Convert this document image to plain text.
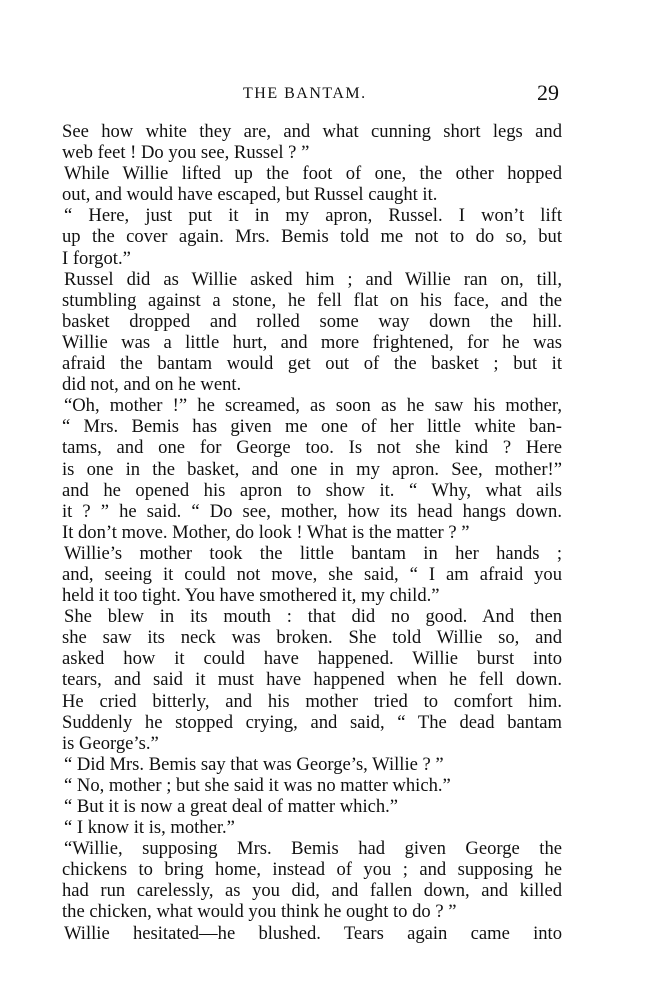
THE BANTAM.	29
See how white they are, and what cunning short legs and
web feet ! Do you see, Russel ? ”
While Willie lifted up the foot of one, the other hopped
out, and would have escaped, but Russel caught it.
“ Here, just put it in my apron, Russel. I won’t lift
up the cover again. Mrs. Bemis told me not to do so, but
I forgot.”
Russel did as Willie asked him ; and Willie ran on, till,
stumbling against a stone, he fell flat on his face, and the
basket dropped and rolled some way down the hill.
Willie was a little hurt, and more frightened, for he was
afraid the bantam would get out of the basket ; but it
did not, and on he went.
“Oh, mother !” he screamed, as soon as he saw his mother,
“ Mrs. Bemis has given me one of her little white ban-
tams, and one for George too. Is not she kind ? Here
is one in the basket, and one in my apron. See, mother!”
and he opened his apron to show it. “ Why, what ails
it ? ” he said. “ Do see, mother, how its head hangs down.
It don’t move. Mother, do look ! What is the matter ? ”
Willie’s mother took the little bantam in her hands ;
and, seeing it could not move, she said, “ I am afraid you
held it too tight. You have smothered it, my child.”
She blew in its mouth : that did no good. And then
she saw its neck was broken. She told Willie so, and
asked how it could have happened. Willie burst into
tears, and said it must have happened when he fell down.
He cried bitterly, and his mother tried to comfort him.
Suddenly he stopped crying, and said, “ The dead bantam
is George’s.”
“ Did Mrs. Bemis say that was George’s, Willie ? ”
“ No, mother ; but she said it was no matter which.”
“ But it is now a great deal of matter which.”
“ I know it is, mother.”
“Willie, supposing Mrs. Bemis had given George the
chickens to bring home, instead of you ; and supposing he
had run carelessly, as you did, and fallen down, and killed
the chicken, what would you think he ought to do ? ”
Willie hesitated—he blushed. Tears again came into
